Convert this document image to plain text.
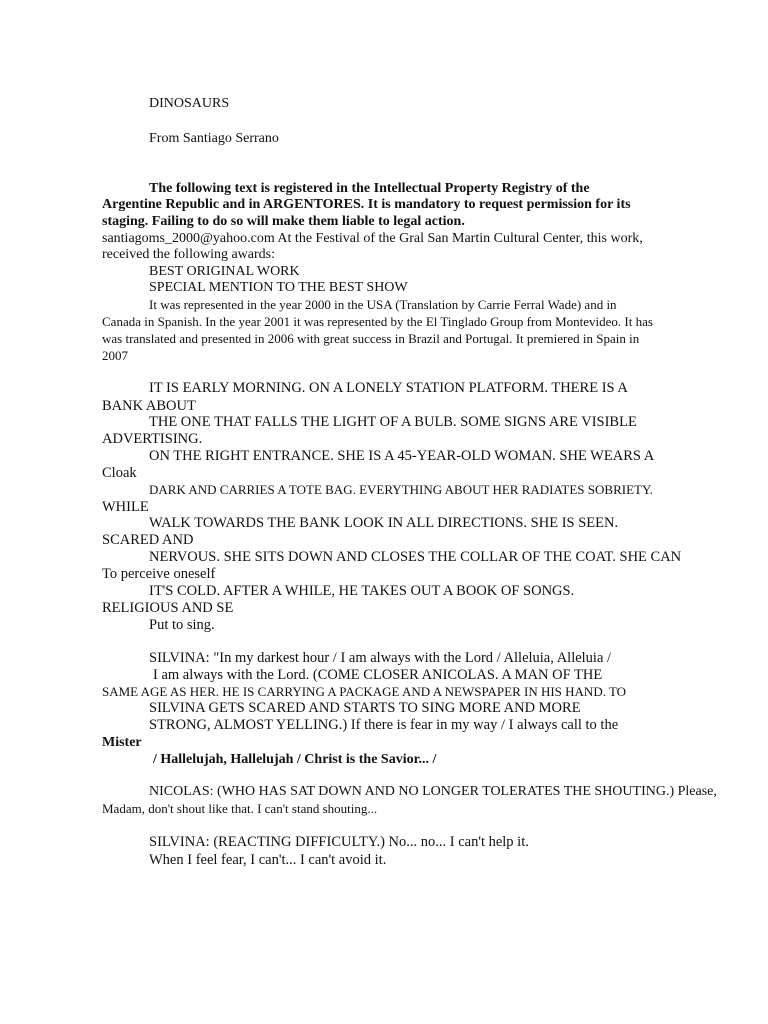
DINOSAURS
From Santiago Serrano
The following text is registered in the Intellectual Property Registry of the
Argentine Republic and in ARGENTORES. It is mandatory to request permission for its
staging. Failing to do so will make them liable to legal action.
santiagoms_2000@yahoo.com At the Festival of the Gral San Martin Cultural Center, this work,
received the following awards:
BEST ORIGINAL WORK
SPECIAL MENTION TO THE BEST SHOW
It was represented in the year 2000 in the USA (Translation by Carrie Ferral Wade) and in
Canada in Spanish. In the year 2001 it was represented by the El Tinglado Group from Montevideo. It has
was translated and presented in 2006 with great success in Brazil and Portugal. It premiered in Spain in
2007
IT IS EARLY MORNING. ON A LONELY STATION PLATFORM. THERE IS A
BANK ABOUT
THE ONE THAT FALLS THE LIGHT OF A BULB. SOME SIGNS ARE VISIBLE
ADVERTISING.
ON THE RIGHT ENTRANCE. SHE IS A 45-YEAR-OLD WOMAN. SHE WEARS A
Cloak
DARK AND CARRIES A TOTE BAG. EVERYTHING ABOUT HER RADIATES SOBRIETY.
WHILE
WALK TOWARDS THE BANK LOOK IN ALL DIRECTIONS. SHE IS SEEN.
SCARED AND
NERVOUS. SHE SITS DOWN AND CLOSES THE COLLAR OF THE COAT. SHE CAN
To perceive oneself
IT'S COLD. AFTER A WHILE, HE TAKES OUT A BOOK OF SONGS.
RELIGIOUS AND SE
Put to sing.
SILVINA: "In my darkest hour / I am always with the Lord / Alleluia, Alleluia /
I am always with the Lord. (COME CLOSER ANICOLAS. A MAN OF THE
SAME AGE AS HER. HE IS CARRYING A PACKAGE AND A NEWSPAPER IN HIS HAND. TO
SILVINA GETS SCARED AND STARTS TO SING MORE AND MORE
STRONG, ALMOST YELLING.) If there is fear in my way / I always call to the
Mister
/ Hallelujah, Hallelujah / Christ is the Savior... /
NICOLAS: (WHO HAS SAT DOWN AND NO LONGER TOLERATES THE SHOUTING.) Please,
Madam, don't shout like that. I can't stand shouting...
SILVINA: (REACTING DIFFICULTY.) No... no... I can't help it.
When I feel fear, I can't... I can't avoid it.
